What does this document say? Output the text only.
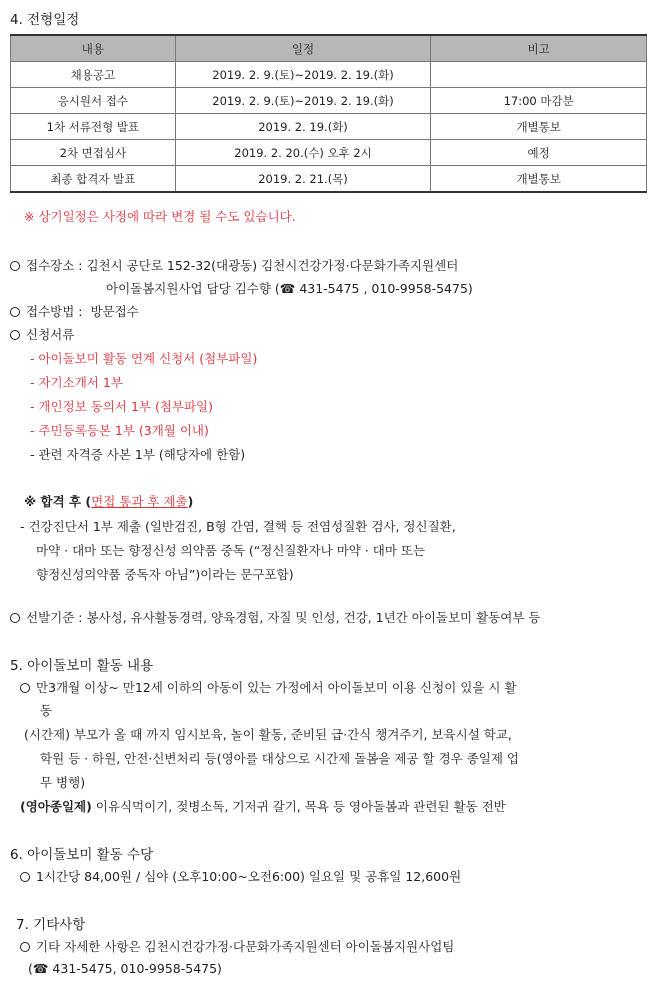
4. 전형일정
내용	일정	비고
채용공고	2019. 2. 9.(토)~2019. 2. 19.(화)	
응시원서 접수	2019. 2. 9.(토)~2019. 2. 19.(화)	17:00 마감분
1차 서류전형 발표	2019. 2. 19.(화)	개별통보
2차 면접심사	2019. 2. 20.(수) 오후 2시	예정
최종 합격자 발표	2019. 2. 21.(목)	개별통보
※ 상기일정은 사정에 따라 변경 될 수도 있습니다.
접수장소 : 김천시 공단로 152-32(대광동) 김천시건강가정·다문화가족지원센터
아이돌봄지원사업 담당 김수향 (☎ 431-5475 , 010-9958-5475)
접수방법 : 방문접수
신청서류
- 아이돌보미 활동 연계 신청서 (첨부파일)
- 자기소개서 1부
- 개인정보 동의서 1부 (첨부파일)
- 주민등록등본 1부 (3개월 이내)
- 관련 자격증 사본 1부 (해당자에 한함)
※ 합격 후 (면접 통과 후 제출)
- 건강진단서 1부 제출 (일반검진, B형 간염, 결핵 등 전염성질환 검사, 정신질환,
마약 · 대마 또는 향정신성 의약품 중독 (“정신질환자나 마약 · 대마 또는
향정신성의약품 중독자 아님”)이라는 문구포함)
선발기준 : 봉사성, 유사활동경력, 양육경험, 자질 및 인성, 건강, 1년간 아이돌보미 활동여부 등
5. 아이돌보미 활동 내용
만3개월 이상~ 만12세 이하의 아동이 있는 가정에서 아이돌보미 이용 신청이 있을 시 활
동
(시간제) 부모가 올 때 까지 임시보육, 놀이 활동, 준비된 급·간식 챙겨주기, 보육시설 학교,
학원 등 · 하원, 안전·신변처리 등(영아를 대상으로 시간제 돌봄을 제공 할 경우 종일제 업
무 병행)
(영아종일제) 이유식먹이기, 젖병소독, 기저귀 갈기, 목욕 등 영아돌봄과 관련된 활동 전반
6. 아이돌보미 활동 수당
1시간당 84,00원 / 심야 (오후10:00~오전6:00) 일요일 및 공휴일 12,600원
7. 기타사항
기타 자세한 사항은 김천시건강가정·다문화가족지원센터 아이돌봄지원사업팀
(☎ 431-5475, 010-9958-5475)
